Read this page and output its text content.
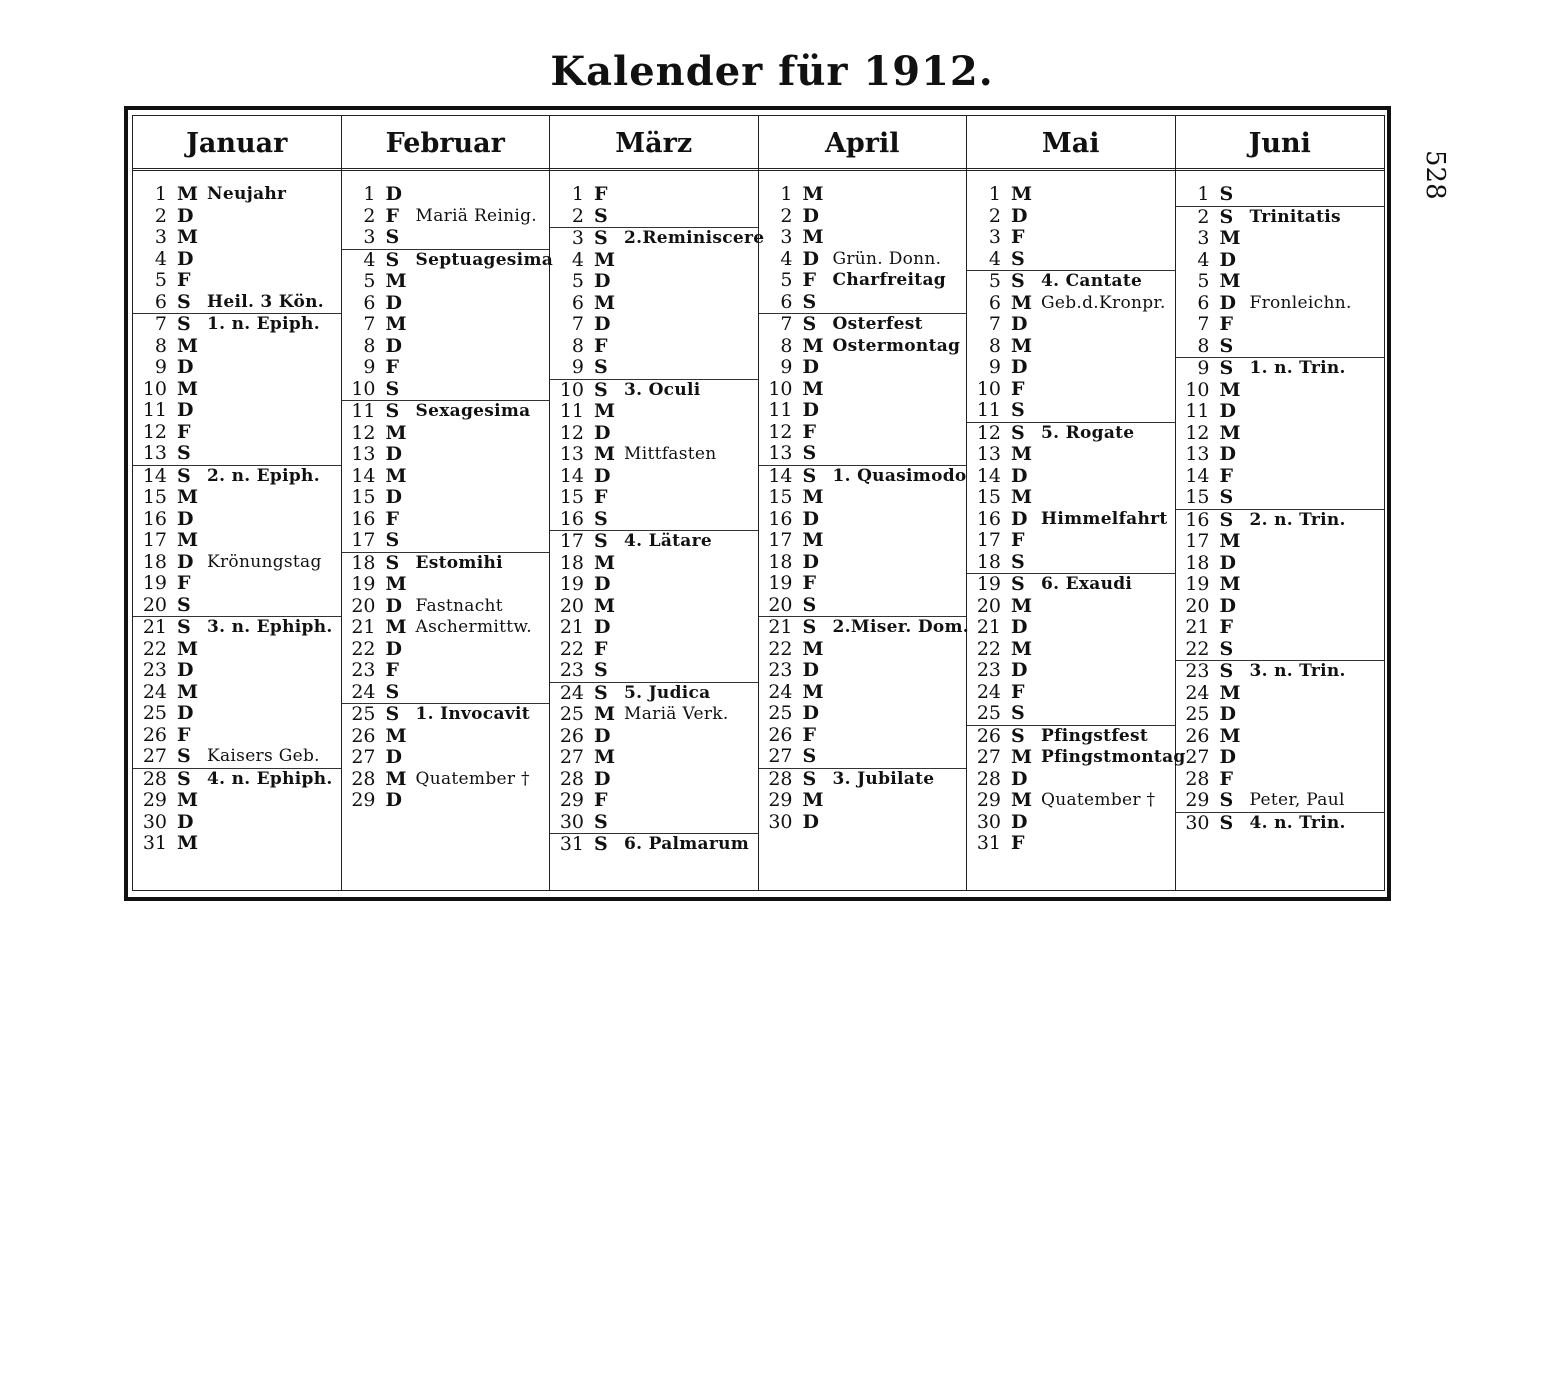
Kalender für 1912.
528
Januar
1 M Neujahr
2 D
3 M
4 D
5 F
6 S Heil. 3 Kön.
7 S 1. n. Epiph.
8 M
9 D
10 M
11 D
12 F
13 S
14 S 2. n. Epiph.
15 M
16 D
17 M
18 D Krönungstag
19 F
20 S
21 S 3. n. Ephiph.
22 M
23 D
24 M
25 D
26 F
27 S Kaisers Geb.
28 S 4. n. Ephiph.
29 M
30 D
31 M
Februar
1 D
2 F Mariä Reinig.
3 S
4 S Septuagesima
5 M
6 D
7 M
8 D
9 F
10 S
11 S Sexagesima
12 M
13 D
14 M
15 D
16 F
17 S
18 S Estomihi
19 M
20 D Fastnacht
21 M Aschermittw.
22 D
23 F
24 S
25 S 1. Invocavit
26 M
27 D
28 M Quatember †
29 D
März
1 F
2 S
3 S 2.Reminiscere
4 M
5 D
6 M
7 D
8 F
9 S
10 S 3. Oculi
11 M
12 D
13 M Mittfasten
14 D
15 F
16 S
17 S 4. Lätare
18 M
19 D
20 M
21 D
22 F
23 S
24 S 5. Judica
25 M Mariä Verk.
26 D
27 M
28 D
29 F
30 S
31 S 6. Palmarum
April
1 M
2 D
3 M
4 D Grün. Donn.
5 F Charfreitag
6 S
7 S Osterfest
8 M Ostermontag
9 D
10 M
11 D
12 F
13 S
14 S 1. Quasimodo
15 M
16 D
17 M
18 D
19 F
20 S
21 S 2.Miser. Dom.
22 M
23 D
24 M
25 D
26 F
27 S
28 S 3. Jubilate
29 M
30 D
Mai
1 M
2 D
3 F
4 S
5 S 4. Cantate
6 M Geb.d.Kronpr.
7 D
8 M
9 D
10 F
11 S
12 S 5. Rogate
13 M
14 D
15 M
16 D Himmelfahrt
17 F
18 S
19 S 6. Exaudi
20 M
21 D
22 M
23 D
24 F
25 S
26 S Pfingstfest
27 M Pfingstmontag
28 D
29 M Quatember †
30 D
31 F
Juni
1 S
2 S Trinitatis
3 M
4 D
5 M
6 D Fronleichn.
7 F
8 S
9 S 1. n. Trin.
10 M
11 D
12 M
13 D
14 F
15 S
16 S 2. n. Trin.
17 M
18 D
19 M
20 D
21 F
22 S
23 S 3. n. Trin.
24 M
25 D
26 M
27 D
28 F
29 S Peter, Paul
30 S 4. n. Trin.
